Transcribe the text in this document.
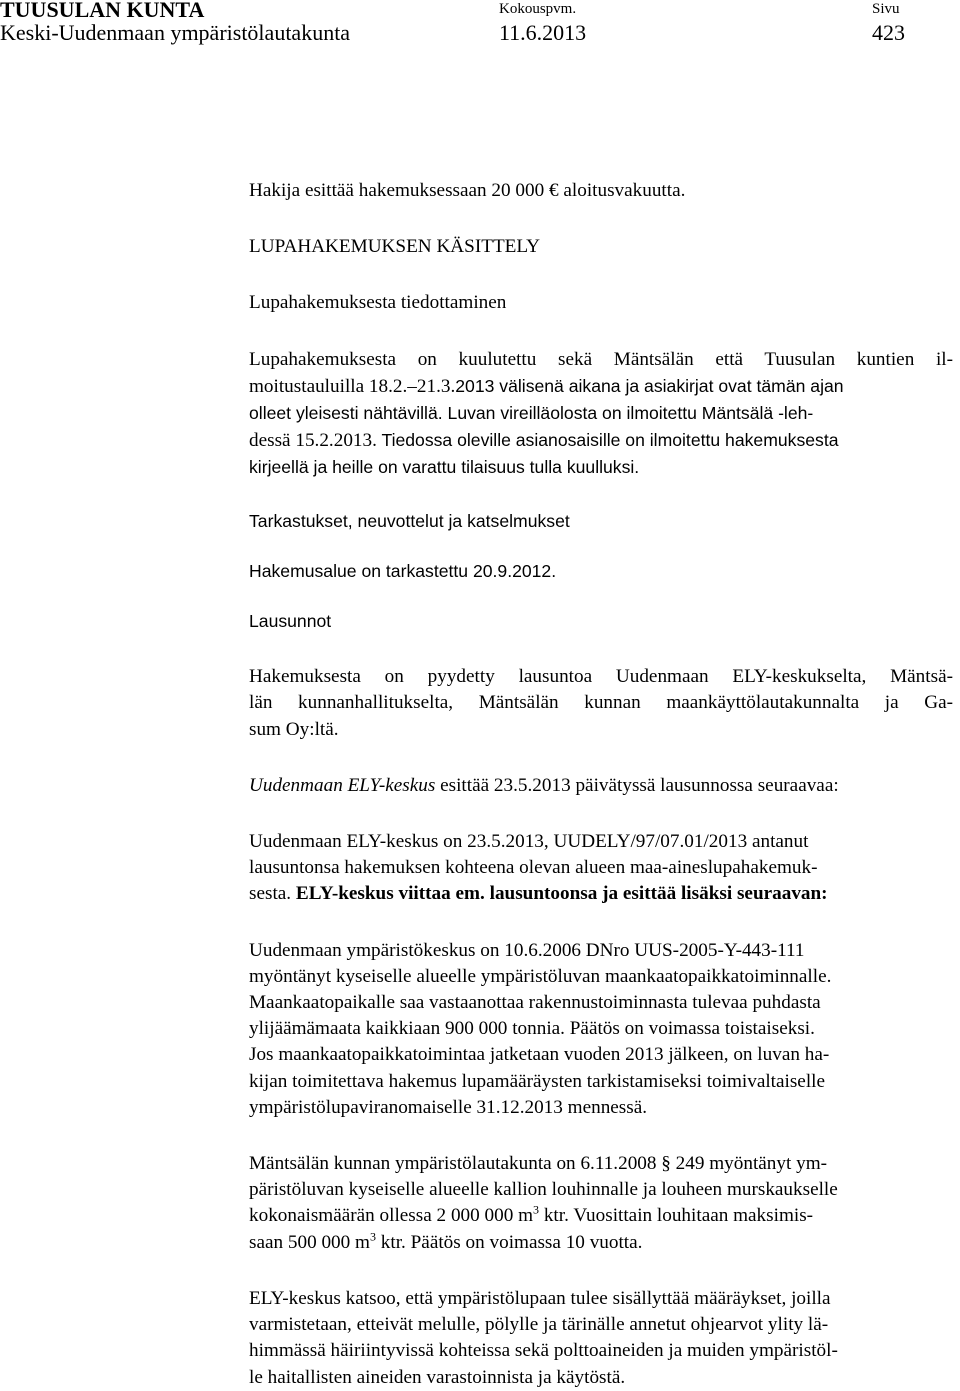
TUUSULAN KUNTA
Keski-Uudenmaan ympäristölautakunta
Kokouspvm.
11.6.2013
Sivu
423

Hakija esittää hakemuksessaan 20 000 € aloitusvakuutta.

LUPAHAKEMUKSEN KÄSITTELY

Lupahakemuksesta tiedottaminen

Lupahakemuksesta on kuulutettu sekä Mäntsälän että Tuusulan kuntien il-
moitustauluilla 18.2.–21.3.2013 välisenä aikana ja asiakirjat ovat tämän ajan
olleet yleisesti nähtävillä. Luvan vireilläolosta on ilmoitettu Mäntsälä -leh-
dessä 15.2.2013. Tiedossa oleville asianosaisille on ilmoitettu hakemuksesta
kirjeellä ja heille on varattu tilaisuus tulla kuulluksi.

Tarkastukset, neuvottelut ja katselmukset

Hakemusalue on tarkastettu 20.9.2012.

Lausunnot

Hakemuksesta on pyydetty lausuntoa Uudenmaan ELY-keskukselta, Mäntsä-
län kunnanhallitukselta, Mäntsälän kunnan maankäyttölautakunnalta ja Ga-
sum Oy:ltä.

Uudenmaan ELY-keskus esittää 23.5.2013 päivätyssä lausunnossa seuraavaa:

Uudenmaan ELY-keskus on 23.5.2013, UUDELY/97/07.01/2013 antanut
lausuntonsa hakemuksen kohteena olevan alueen maa-aineslupahakemuk-
sesta. ELY-keskus viittaa em. lausuntoonsa ja esittää lisäksi seuraavan:

Uudenmaan ympäristökeskus on 10.6.2006 DNro UUS-2005-Y-443-111
myöntänyt kyseiselle alueelle ympäristöluvan maankaatopaikkatoiminnalle.
Maankaatopaikalle saa vastaanottaa rakennustoiminnasta tulevaa puhdasta
ylijäämämaata kaikkiaan 900 000 tonnia. Päätös on voimassa toistaiseksi.
Jos maankaatopaikkatoimintaa jatketaan vuoden 2013 jälkeen, on luvan ha-
kijan toimitettava hakemus lupamääräysten tarkistamiseksi toimivaltaiselle
ympäristölupaviranomaiselle 31.12.2013 mennessä.

Mäntsälän kunnan ympäristölautakunta on 6.11.2008 § 249 myöntänyt ym-
päristöluvan kyseiselle alueelle kallion louhinnalle ja louheen murskaukselle
kokonaismäärän ollessa 2 000 000 $m^3$ ktr. Vuosittain louhitaan maksimis-
saan 500 000 $m^3$ ktr. Päätös on voimassa 10 vuotta.

ELY-keskus katsoo, että ympäristölupaan tulee sisällyttää määräykset, joilla
varmistetaan, etteivät melulle, pölylle ja tärinälle annetut ohjearvot ylity lä-
himmässä häiriintyvissä kohteissa sekä polttoaineiden ja muiden ympäristöl-
le haitallisten aineiden varastoinnista ja käytöstä.
